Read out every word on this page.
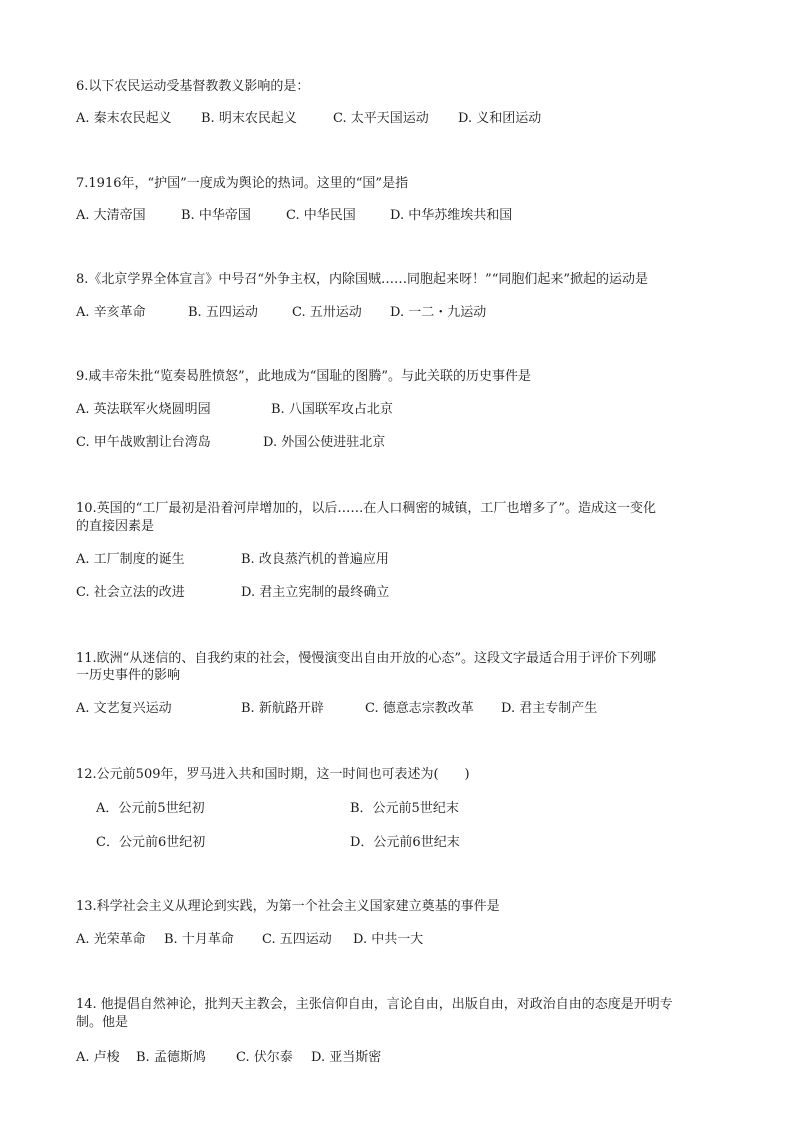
6.以下农民运动受基督教教义影响的是：
A. 秦末农民起义 B. 明末农民起义	C. 太平天国运动 D. 义和团运动
7.1916年，“护国”一度成为舆论的热词。这里的“国”是指
A. 大清帝国	B. 中华帝国	C. 中华民国	D. 中华苏维埃共和国
8.《北京学界全体宣言》中号召“外争主权，内除国贼……同胞起来呀！”“同胞们起来”掀起的运动是
A. 辛亥革命	B. 五四运动	C. 五卅运动 D. 一二・九运动
9.咸丰帝朱批“览奏曷胜愤怒”，此地成为“国耻的图腾”。与此关联的历史事件是
A. 英法联军火烧圆明园	B. 八国联军攻占北京
C. 甲午战败割让台湾岛	D. 外国公使进驻北京
10.英国的“工厂最初是沿着河岸增加的，以后……在人口稠密的城镇，工厂也增多了”。造成这一变化
的直接因素是
A. 工厂制度的诞生	B. 改良蒸汽机的普遍应用
C. 社会立法的改进	D. 君主立宪制的最终确立
11.欧洲“从迷信的、自我约束的社会，慢慢演变出自由开放的心态”。这段文字最适合用于评价下列哪
一历史事件的影响
A. 文艺复兴运动	B. 新航路开辟	C. 德意志宗教改革 D. 君主专制产生
12.公元前509年，罗马进入共和国时期，这一时间也可表述为(　　)
A．公元前5世纪初	B．公元前5世纪末
C．公元前6世纪初	D．公元前6世纪末
13.科学社会主义从理论到实践，为第一个社会主义国家建立奠基的事件是
A. 光荣革命 B. 十月革命 C. 五四运动 D. 中共一大
14. 他提倡自然神论，批判天主教会，主张信仰自由，言论自由，出版自由，对政治自由的态度是开明专
制。他是
A. 卢梭 B. 孟德斯鸠 C. 伏尔泰 D. 亚当斯密
